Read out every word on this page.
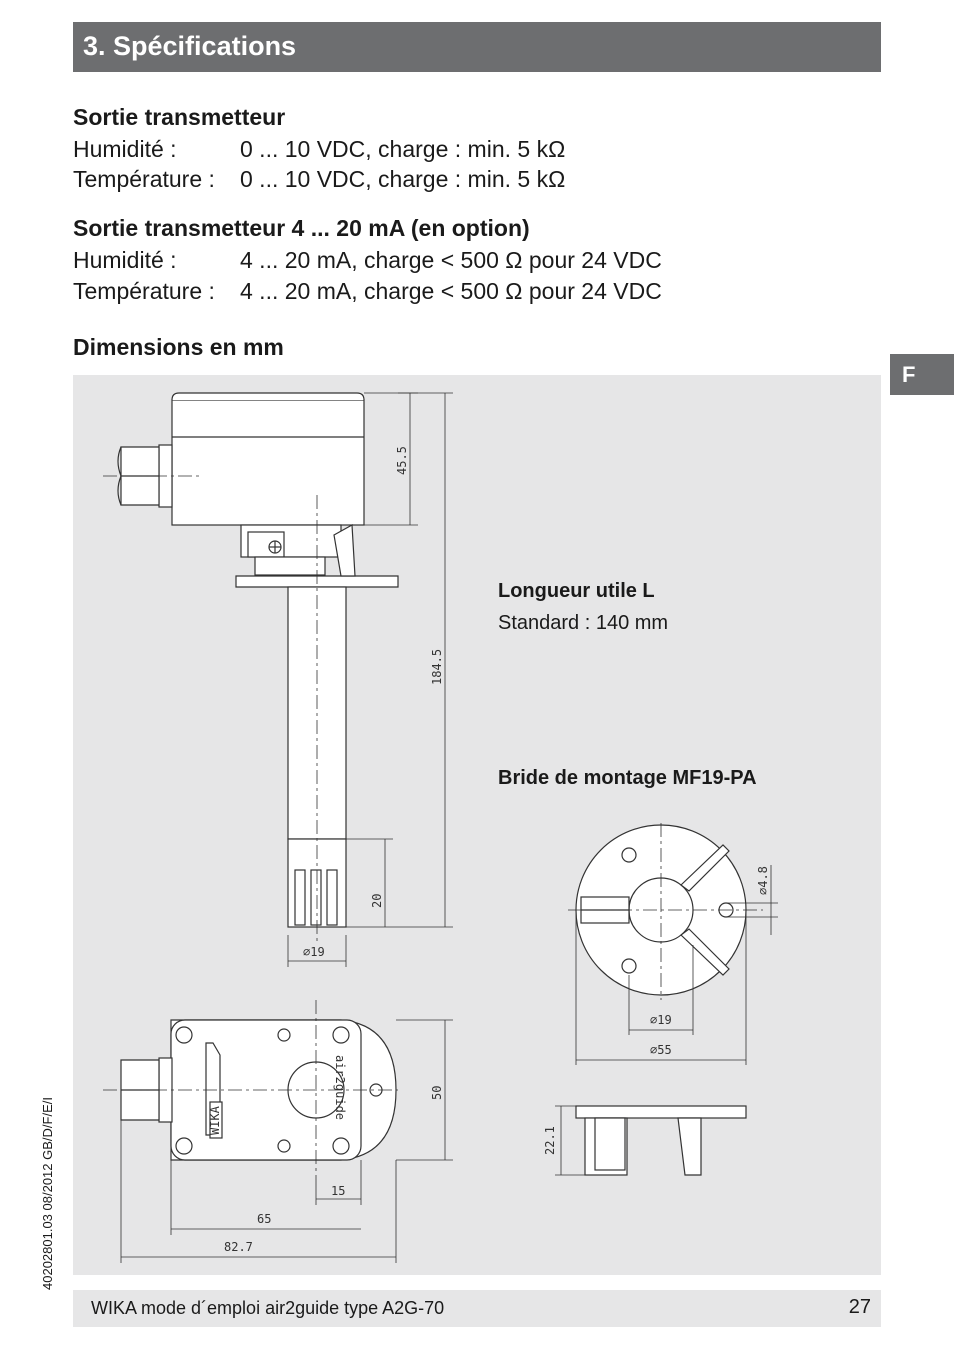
3. Spécifications
F
Sortie transmetteur
Humidité :	0 ... 10 VDC, charge : min. 5 kΩ
Température : 0 ... 10 VDC, charge : min. 5 kΩ
Sortie transmetteur 4 ... 20 mA (en option)
Humidité :	4 ... 20 mA, charge < 500 Ω pour 24 VDC
Température : 4 ... 20 mA, charge < 500 Ω pour 24 VDC
Dimensions en mm
45.5
184.5
20
⌀19
WIKA
air2guide	50
15
65
82.7
⌀4.8
⌀19
⌀55
22.1
Longueur utile L
Standard : 140 mm
Bride de montage MF19-PA
40202801.03 08/2012 GB/D/F/E/I
WIKA mode d´emploi air2guide type A2G-70	27
